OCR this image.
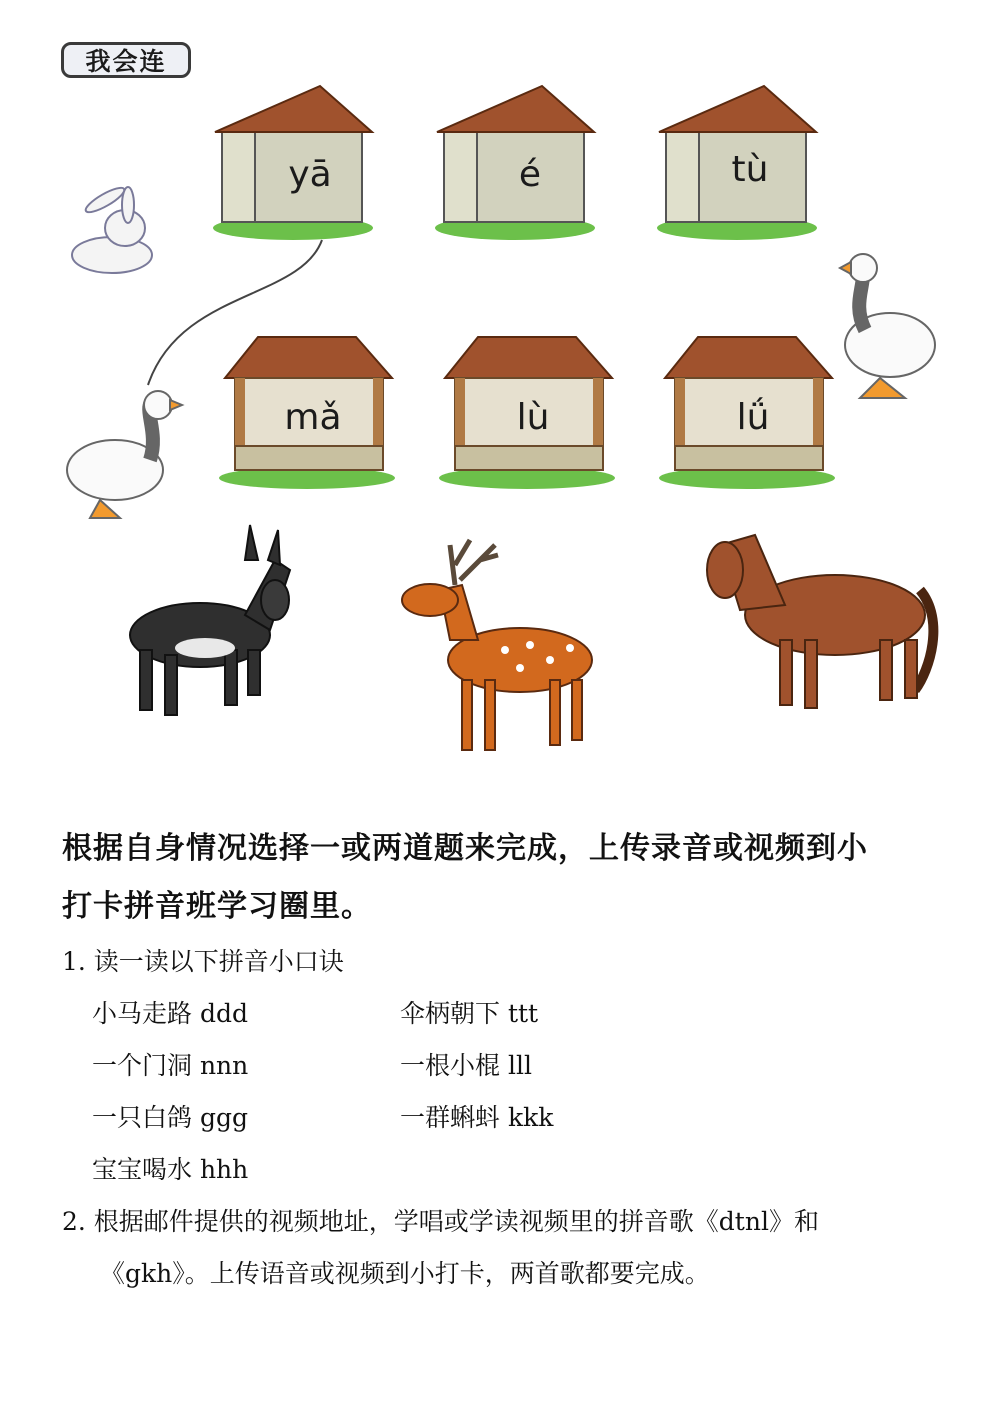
我会连
yā	é	tù
mǎ	lù	lǘ

根据自身情况选择一或两道题来完成，上传录音或视频到小

打卡拼音班学习圈里。

1. 读一读以下拼音小口诀

小马走路 ddd	伞柄朝下 ttt
一个门洞 nnn	一根小棍 lll
一只白鸽 ggg	一群蝌蚪 kkk
宝宝喝水 hhh

2. 根据邮件提供的视频地址，学唱或学读视频里的拼音歌《dtnl》和

《gkh》。上传语音或视频到小打卡，两首歌都要完成。
